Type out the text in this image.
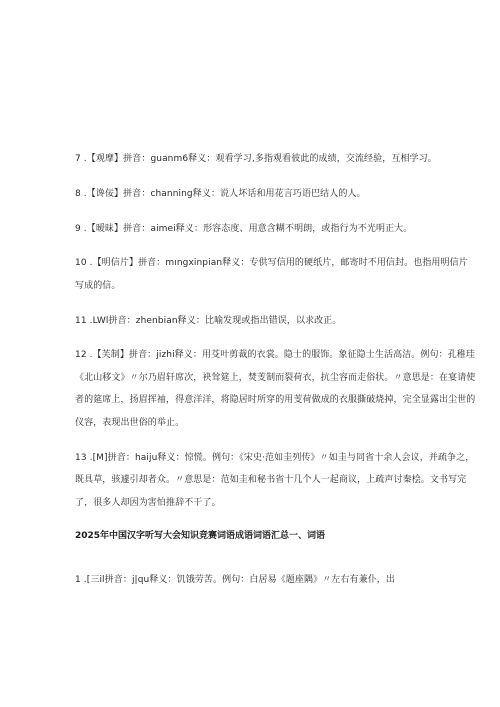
7 .【观摩】拼音：guanm6释义：观看学习,多指观看彼此的成绩，交流经验，互相学习。

8 .【谗佞】拼音：channing释义：说人坏话和用花言巧语巴结人的人。

9 .【暧昧】拼音：aimei释义：形容态度、用意含糊不明朗，或指行为不光明正大。

10 .【明信片】拼音：mıngxinpian释义：专供写信用的硬纸片，邮寄时不用信封。也指用明信片写成的信。

11 .LWl拼音：zhenbian释义：比喻发现或指出错误，以求改正。

12 .【芙制】拼音：jizhi释义：用芟叶剪裁的衣裳。隐士的服饰。象征隐士生活高洁。例句：孔稚珪《北山移文》〃尔乃眉轩席次，袂耸筵上，焚芰制而裂荷衣，抗尘容而走俗状。〃意思是：在宴请使者的筵席上，扬眉挥袖，得意洋洋，将隐居时所穿的用芰荷做成的衣服撕破烧掉，完全显露出尘世的仪容，表现出世俗的举止。

13 .[M]拼音：haiju释义：惊慌。例句：《宋史·范如圭列传》〃如圭与同省十余人会议，并疏争之，既具草，骇遽引却者众。〃意思是：范如圭和秘书省十几个人一起商议，上疏声讨秦桧。文书写完了，很多人却因为害怕推辞不干了。

2025年中国汉字听写大会知识竞赛词语成语词语汇总一、词语

1 .[三il拼音：j|qu释义：饥饿劳苦。例句：白居易《题座隅》〃左右有兼仆，出
